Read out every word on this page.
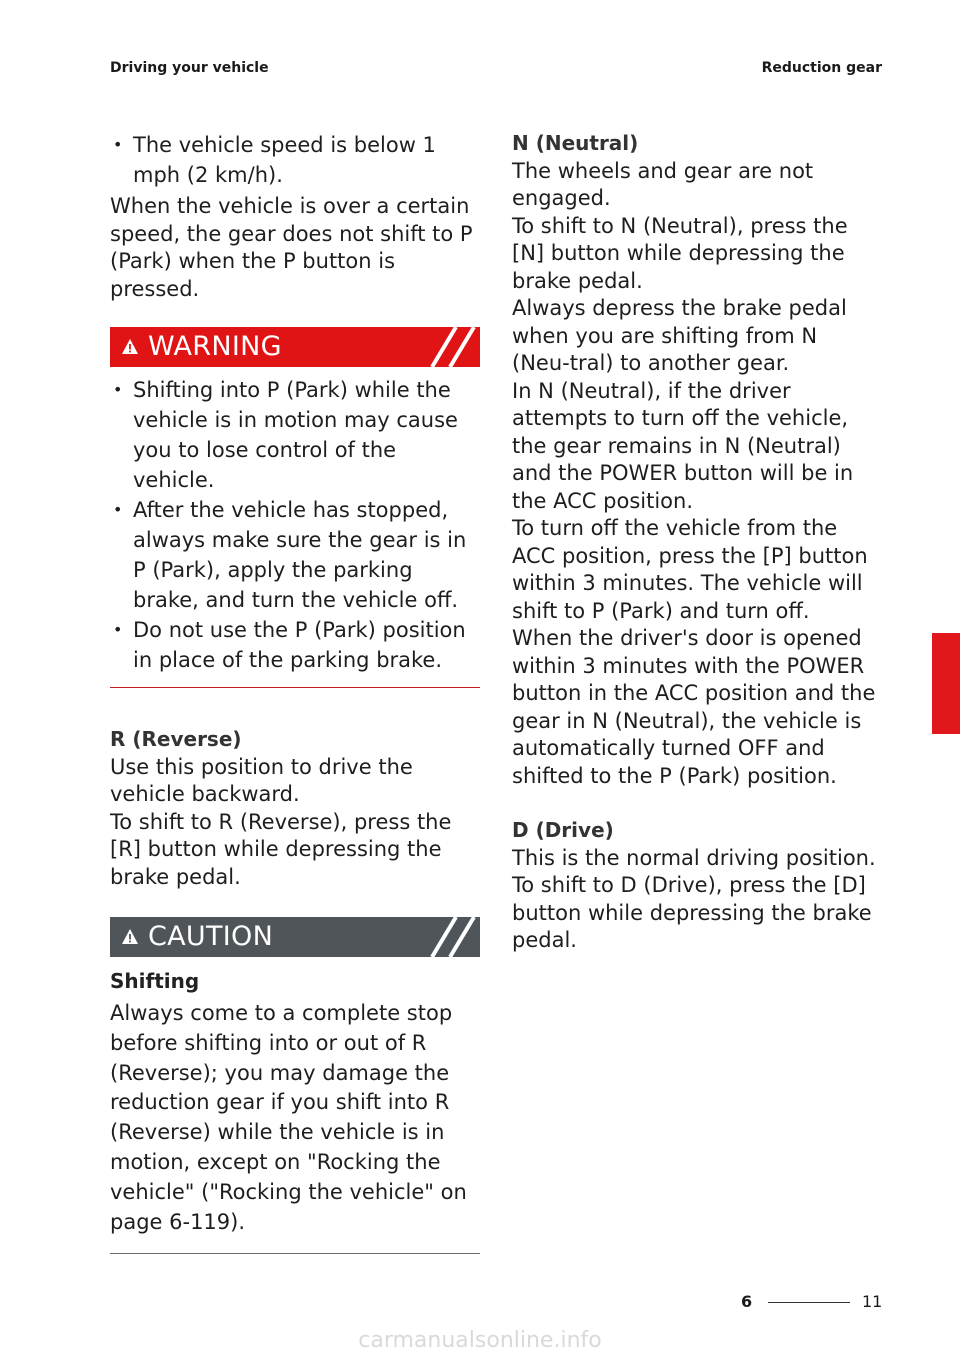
Driving your vehicle	Reduction gear
• The vehicle speed is below 1 mph (2 km/h).

When the vehicle is over a certain speed, the gear does not shift to P (Park) when the P button is pressed.

WARNING
• Shifting into P (Park) while the vehicle is in motion may cause you to lose control of the vehicle.
• After the vehicle has stopped, always make sure the gear is in P (Park), apply the parking brake, and turn the vehicle off.
• Do not use the P (Park) position in place of the parking brake.
R (Reverse)

Use this position to drive the vehicle backward.

To shift to R (Reverse), press the [R] button while depressing the brake pedal.

CAUTION
Shifting

Always come to a complete stop before shifting into or out of R (Reverse); you may damage the reduction gear if you shift into R (Reverse) while the vehicle is in motion, except on "Rocking the vehicle" ("Rocking the vehicle" on page 6-119).

N (Neutral)

The wheels and gear are not engaged.

To shift to N (Neutral), press the [N] button while depressing the brake pedal.

Always depress the brake pedal when you are shifting from N (Neu-tral) to another gear.

In N (Neutral), if the driver attempts to turn off the vehicle, the gear remains in N (Neutral) and the POWER button will be in the ACC position.

To turn off the vehicle from the ACC position, press the [P] button within 3 minutes. The vehicle will shift to P (Park) and turn off.

When the driver's door is opened within 3 minutes with the POWER button in the ACC position and the gear in N (Neutral), the vehicle is automatically turned OFF and shifted to the P (Park) position.

D (Drive)

This is the normal driving position.

To shift to D (Drive), press the [D] button while depressing the brake pedal.

6
6	11
carmanualsonline.info
